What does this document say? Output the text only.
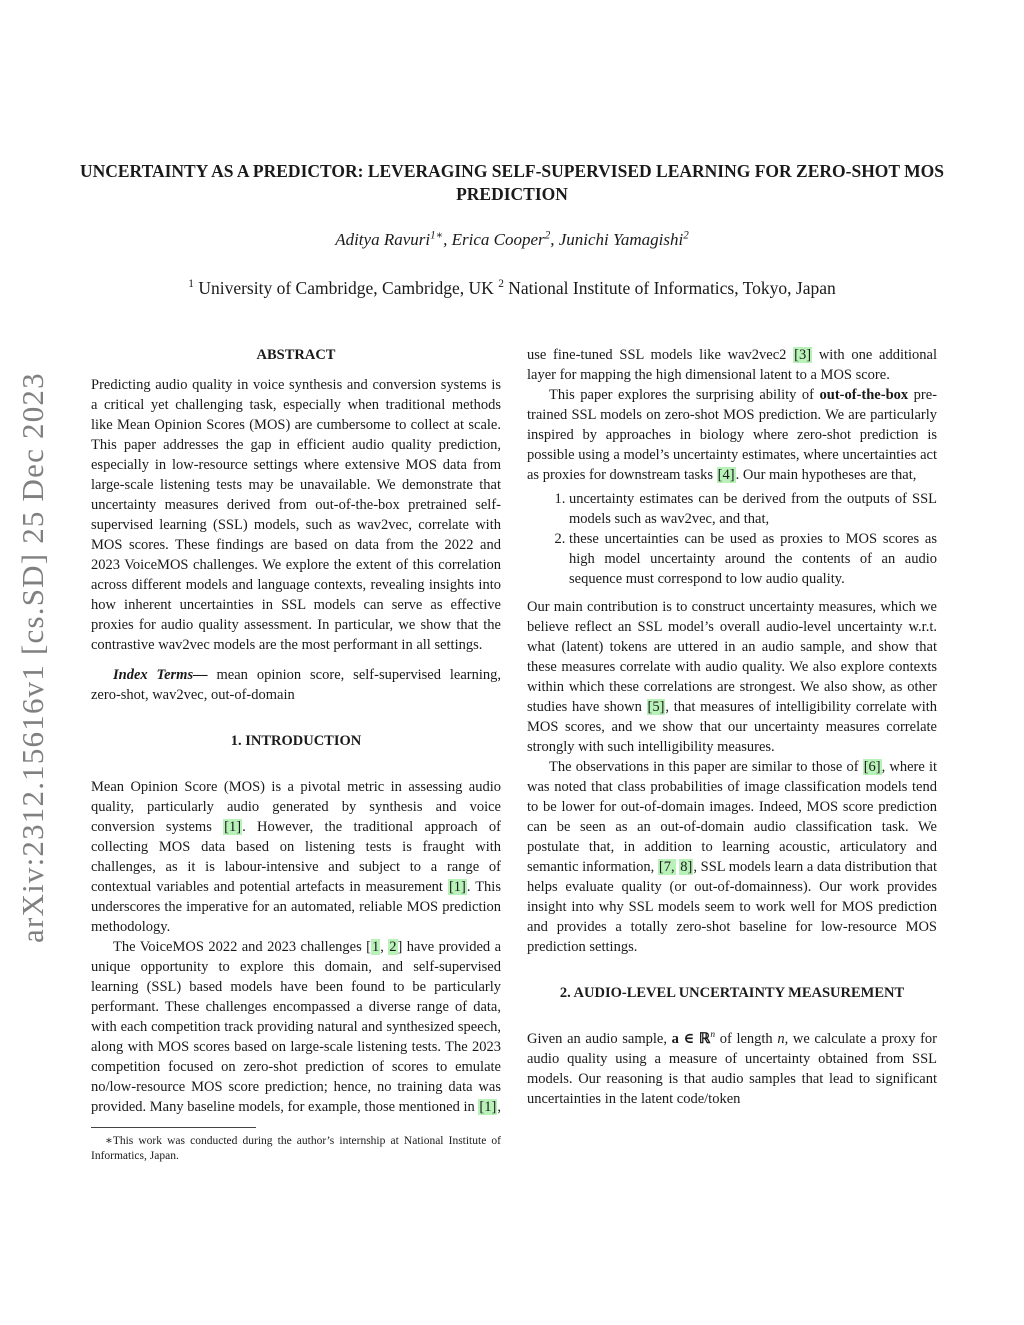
arXiv:2312.15616v1 [cs.SD] 25 Dec 2023
UNCERTAINTY AS A PREDICTOR: LEVERAGING SELF-SUPERVISED LEARNING FOR ZERO-SHOT MOS PREDICTION
Aditya Ravuri$^{1∗}$, Erica Cooper$^2$, Junichi Yamagishi$^2$
$^1$ University of Cambridge, Cambridge, UK $^2$ National Institute of Informatics, Tokyo, Japan
ABSTRACT

Predicting audio quality in voice synthesis and conversion systems is a critical yet challenging task, especially when traditional methods like Mean Opinion Scores (MOS) are cumbersome to collect at scale. This paper addresses the gap in efficient audio quality prediction, especially in low-resource settings where extensive MOS data from large-scale listening tests may be unavailable. We demonstrate that uncertainty measures derived from out-of-the-box pretrained self-supervised learning (SSL) models, such as wav2vec, correlate with MOS scores. These findings are based on data from the 2022 and 2023 VoiceMOS challenges. We explore the extent of this correlation across different models and language contexts, revealing insights into how inherent uncertainties in SSL models can serve as effective proxies for audio quality assessment. In particular, we show that the contrastive wav2vec models are the most performant in all settings.

Index Terms— mean opinion score, self-supervised learning, zero-shot, wav2vec, out-of-domain

1. INTRODUCTION

Mean Opinion Score (MOS) is a pivotal metric in assessing audio quality, particularly audio generated by synthesis and voice conversion systems [1]. However, the traditional approach of collecting MOS data based on listening tests is fraught with challenges, as it is labour-intensive and subject to a range of contextual variables and potential artefacts in measurement [1]. This underscores the imperative for an automated, reliable MOS prediction methodology.

The VoiceMOS 2022 and 2023 challenges [1, 2] have provided a unique opportunity to explore this domain, and self-supervised learning (SSL) based models have been found to be particularly performant. These challenges encompassed a diverse range of data, with each competition track providing natural and synthesized speech, along with MOS scores based on large-scale listening tests. The 2023 competition focused on zero-shot prediction of scores to emulate no/low-resource MOS score prediction; hence, no training data was provided. Many baseline models, for example, those mentioned in [1],

∗This work was conducted during the author’s internship at National Institute of Informatics, Japan.

use fine-tuned SSL models like wav2vec2 [3] with one additional layer for mapping the high dimensional latent to a MOS score.

This paper explores the surprising ability of out-of-the-box pre-trained SSL models on zero-shot MOS prediction. We are particularly inspired by approaches in biology where zero-shot prediction is possible using a model’s uncertainty estimates, where uncertainties act as proxies for downstream tasks [4]. Our main hypotheses are that,

1. uncertainty estimates can be derived from the outputs of SSL models such as wav2vec, and that,
2. these uncertainties can be used as proxies to MOS scores as high model uncertainty around the contents of an audio sequence must correspond to low audio quality.

Our main contribution is to construct uncertainty measures, which we believe reflect an SSL model’s overall audio-level uncertainty w.r.t. what (latent) tokens are uttered in an audio sample, and show that these measures correlate with audio quality. We also explore contexts within which these correlations are strongest. We also show, as other studies have shown [5], that measures of intelligibility correlate with MOS scores, and we show that our uncertainty measures correlate strongly with such intelligibility measures.

The observations in this paper are similar to those of [6], where it was noted that class probabilities of image classification models tend to be lower for out-of-domain images. Indeed, MOS score prediction can be seen as an out-of-domain audio classification task. We postulate that, in addition to learning acoustic, articulatory and semantic information, [7, 8], SSL models learn a data distribution that helps evaluate quality (or out-of-domainness). Our work provides insight into why SSL models seem to work well for MOS prediction and provides a totally zero-shot baseline for low-resource MOS prediction settings.

2. AUDIO-LEVEL UNCERTAINTY MEASUREMENT

Given an audio sample, a ∈ ℝ$^n$ of length n, we calculate a proxy for audio quality using a measure of uncertainty obtained from SSL models. Our reasoning is that audio samples that lead to significant uncertainties in the latent code/token
